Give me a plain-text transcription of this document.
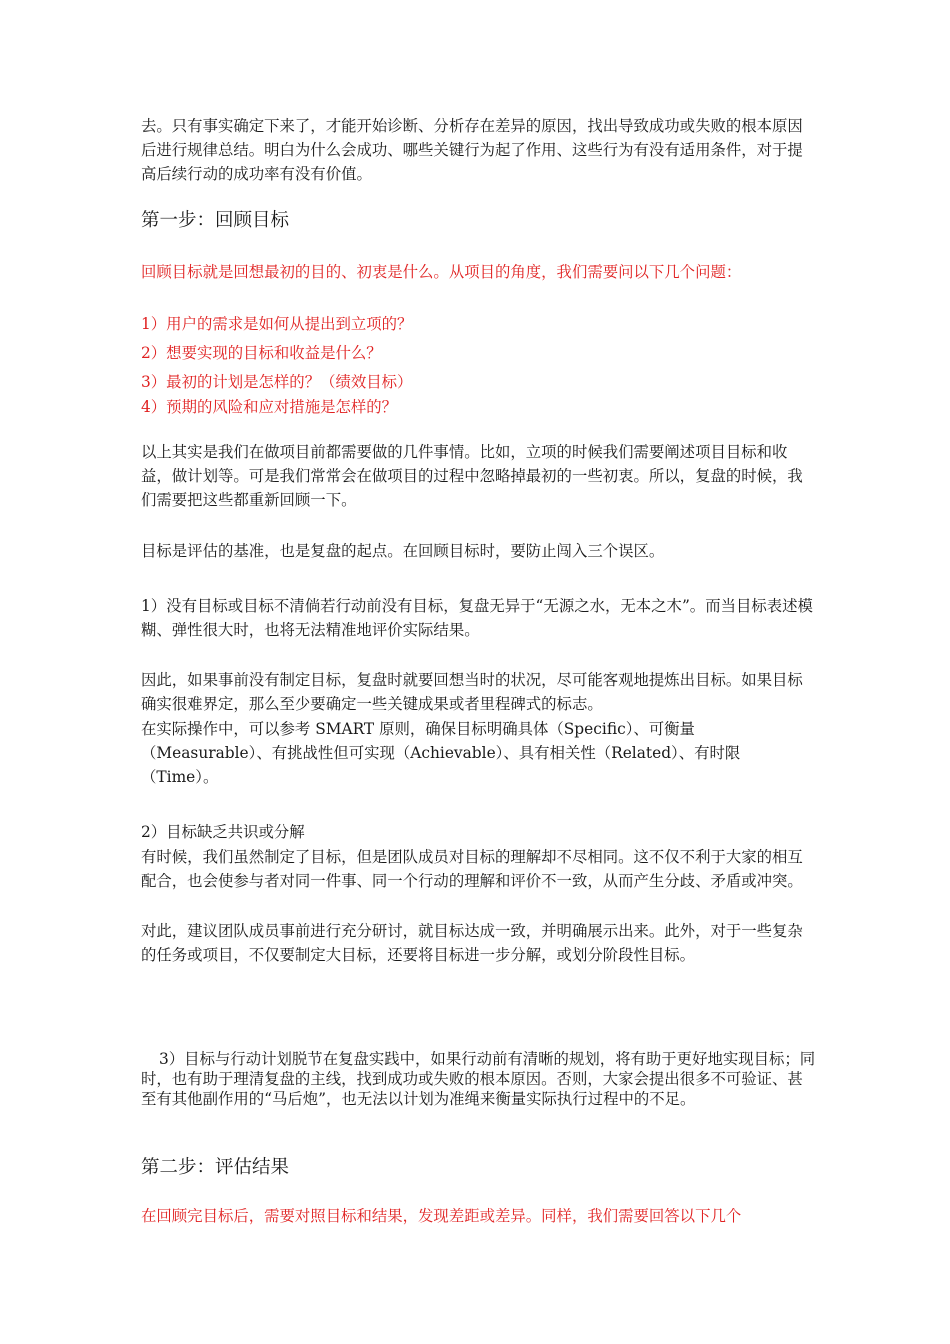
去。只有事实确定下来了，才能开始诊断、分析存在差异的原因，找出导致成功或失败的根本原因后进行规律总结。明白为什么会成功、哪些关键行为起了作用、这些行为有没有适用条件，对于提高后续行动的成功率有没有价值。

第一步：回顾目标

回顾目标就是回想最初的目的、初衷是什么。从项目的角度，我们需要问以下几个问题：

1）用户的需求是如何从提出到立项的？

2）想要实现的目标和收益是什么？

3）最初的计划是怎样的？（绩效目标）

4）预期的风险和应对措施是怎样的？

以上其实是我们在做项目前都需要做的几件事情。比如，立项的时候我们需要阐述项目目标和收益，做计划等。可是我们常常会在做项目的过程中忽略掉最初的一些初衷。所以，复盘的时候，我们需要把这些都重新回顾一下。

目标是评估的基准，也是复盘的起点。在回顾目标时，要防止闯入三个误区。

1）没有目标或目标不清倘若行动前没有目标，复盘无异于“无源之水，无本之木”。而当目标表述模糊、弹性很大时，也将无法精准地评价实际结果。

因此，如果事前没有制定目标，复盘时就要回想当时的状况，尽可能客观地提炼出目标。如果目标确实很难界定，那么至少要确定一些关键成果或者里程碑式的标志。

在实际操作中，可以参考 SMART 原则，确保目标明确具体（Specific）、可衡量（Measurable）、有挑战性但可实现（Achievable）、具有相关性（Related）、有时限（Time）。

2）目标缺乏共识或分解

有时候，我们虽然制定了目标，但是团队成员对目标的理解却不尽相同。这不仅不利于大家的相互配合，也会使参与者对同一件事、同一个行动的理解和评价不一致，从而产生分歧、矛盾或冲突。

对此，建议团队成员事前进行充分研讨，就目标达成一致，并明确展示出来。此外，对于一些复杂的任务或项目，不仅要制定大目标，还要将目标进一步分解，或划分阶段性目标。

3）目标与行动计划脱节在复盘实践中，如果行动前有清晰的规划，将有助于更好地实现目标；同时，也有助于理清复盘的主线，找到成功或失败的根本原因。否则，大家会提出很多不可验证、甚至有其他副作用的“马后炮”，也无法以计划为准绳来衡量实际执行过程中的不足。

第二步：评估结果

在回顾完目标后，需要对照目标和结果，发现差距或差异。同样，我们需要回答以下几个
